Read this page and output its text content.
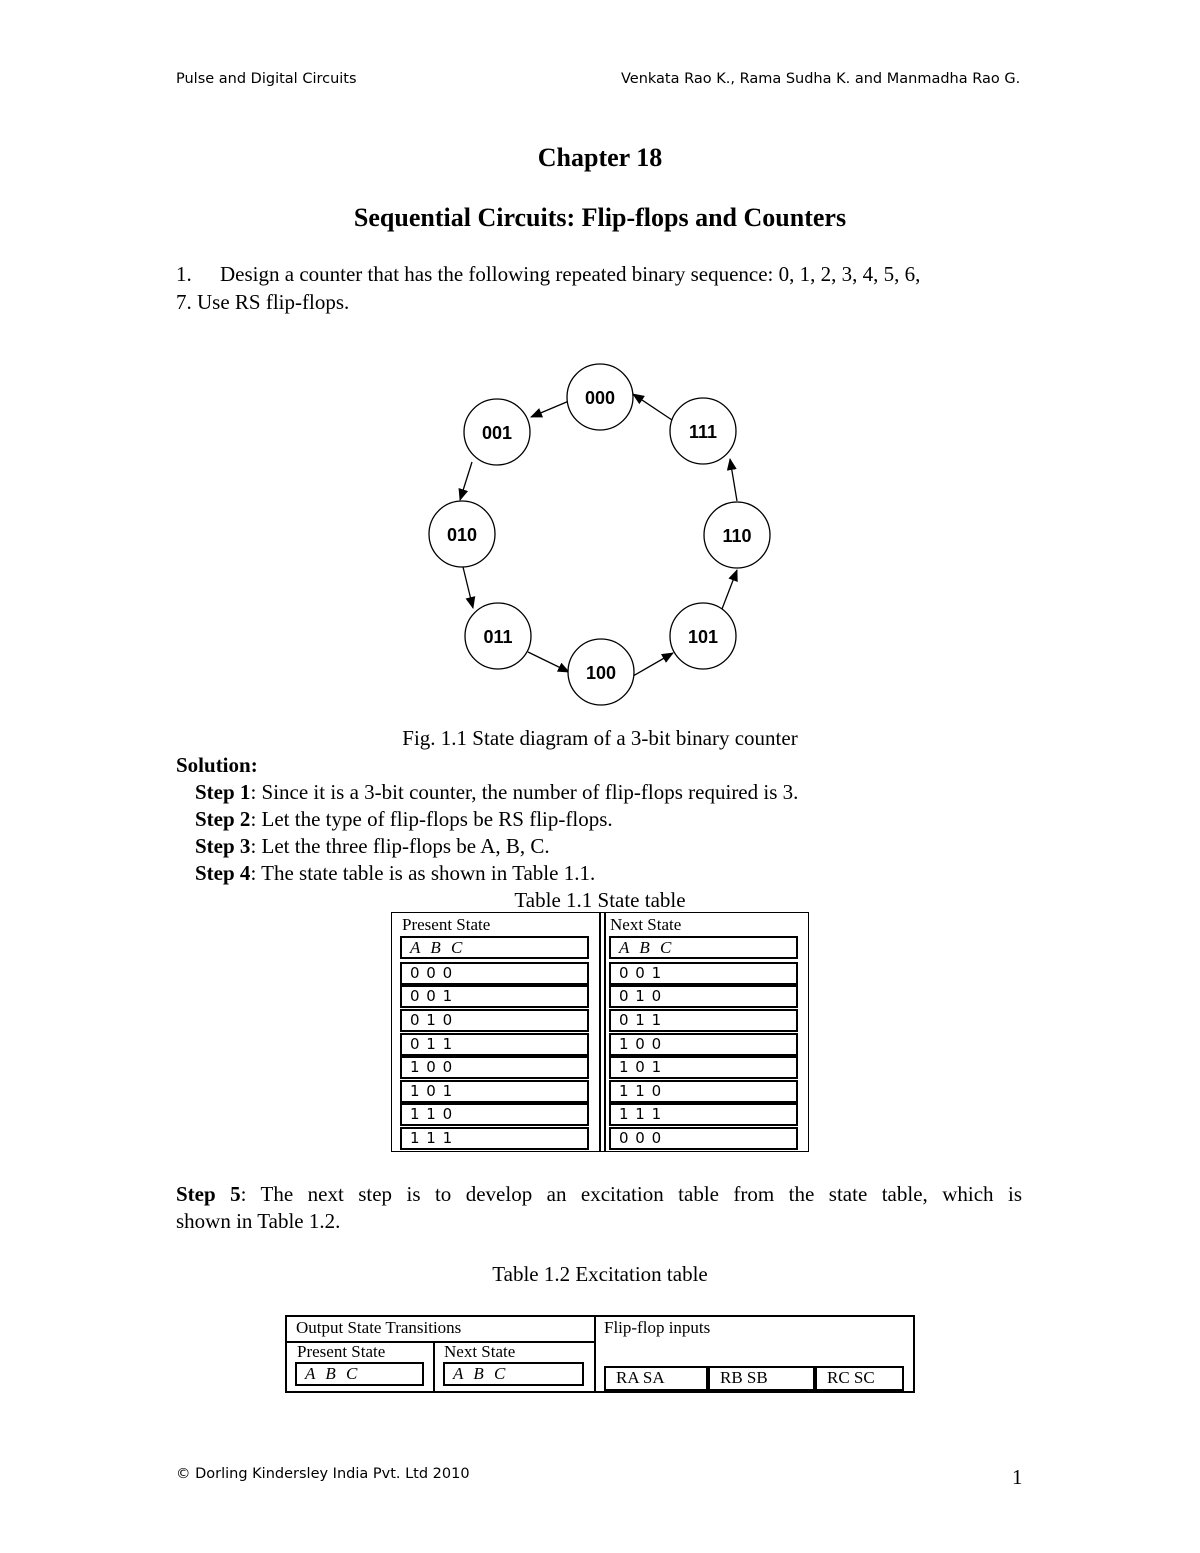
Pulse and Digital Circuits	Venkata Rao K., Rama Sudha K. and Manmadha Rao G.
Chapter 18
Sequential Circuits: Flip-flops and Counters
1. Design a counter that has the following repeated binary sequence: 0, 1, 2, 3, 4, 5, 6,
7. Use RS flip-flops.
000
001
010
011
100
101
110
111
Fig. 1.1 State diagram of a 3-bit binary counter
Solution:
Step 1: Since it is a 3-bit counter, the number of flip-flops required is 3.
Step 2: Let the type of flip-flops be RS flip-flops.
Step 3: Let the three flip-flops be A, B, C.
Step 4: The state table is as shown in Table 1.1.
Table 1.1 State table
Present State	Next State
A B C	A B C
0 0 0	0 0 1
0 0 1	0 1 0
0 1 0	0 1 1
0 1 1	1 0 0
1 0 0	1 0 1
1 0 1	1 1 0
1 1 0	1 1 1
1 1 1	0 0 0
Step 5: The next step is to develop an excitation table from the state table, which is
shown in Table 1.2.
Table 1.2 Excitation table
Output State Transitions	Flip-flop inputs
Present State	Next State
A B C	A B C	RA SA	RB SB	RC SC
© Dorling Kindersley India Pvt. Ltd 2010	1
